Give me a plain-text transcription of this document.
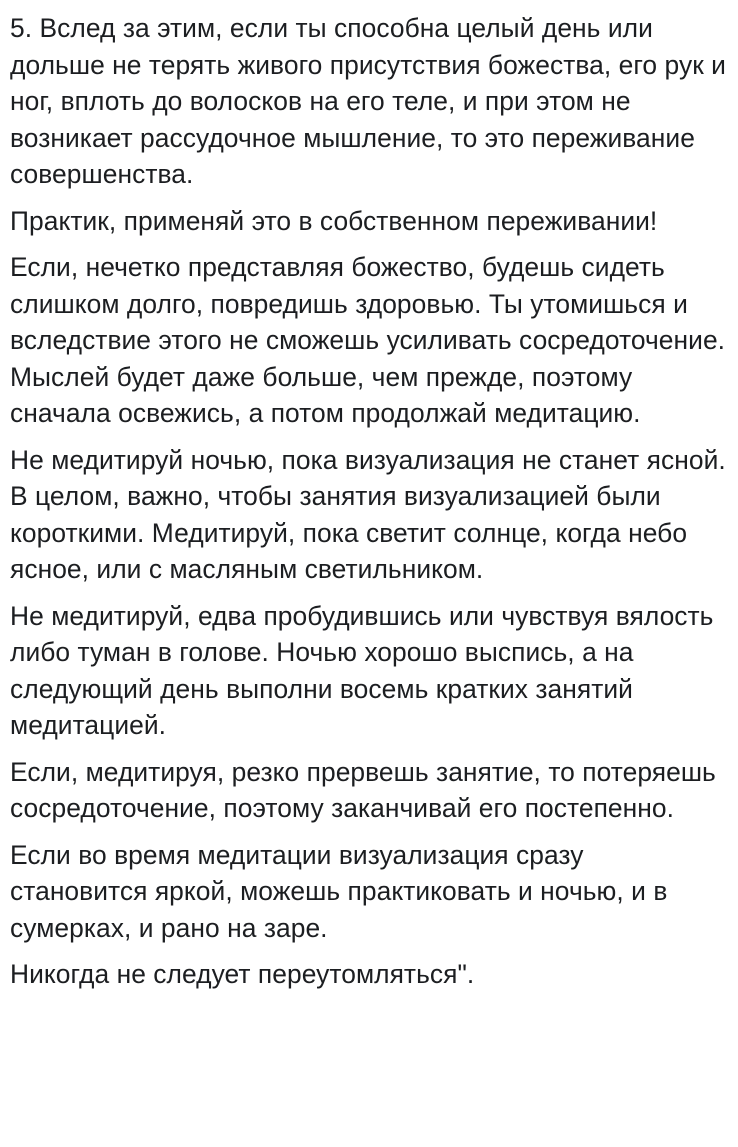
5. Вслед за этим, если ты способна целый день или дольше не терять живого присутствия божества, его рук и ног, вплоть до волосков на его теле, и при этом не возникает рассудочное мышление, то это переживание совершенства.

Практик, применяй это в собственном переживании!

Если, нечетко представляя божество, будешь сидеть слишком долго, повредишь здоровью. Ты утомишься и вследствие этого не сможешь усиливать сосредоточение. Мыслей будет даже больше, чем прежде, поэтому сначала освежись, а потом продолжай медитацию.

Не медитируй ночью, пока визуализация не станет ясной. В целом, важно, чтобы занятия визуализацией были короткими. Медитируй, пока светит солнце, когда небо ясное, или с масляным светильником.

Не медитируй, едва пробудившись или чувствуя вялость либо туман в голове. Ночью хорошо выспись, а на следующий день выполни восемь кратких занятий медитацией.

Если, медитируя, резко прервешь занятие, то потеряешь сосредоточение, поэтому заканчивай его постепенно.

Если во время медитации визуализация сразу становится яркой, можешь практиковать и ночью, и в сумерках, и рано на заре.

Никогда не следует переутомляться".
